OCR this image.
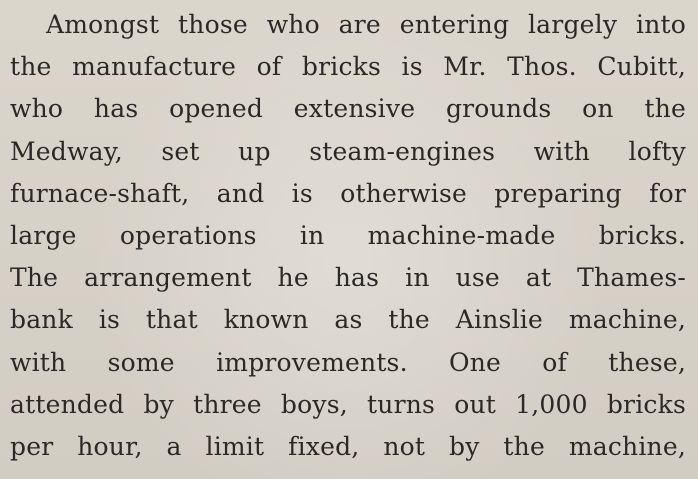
Amongst those who are entering largely into
the manufacture of bricks is Mr. Thos. Cubitt,
who has opened extensive grounds on the
Medway, set up steam-engines with lofty
furnace-shaft, and is otherwise preparing for
large operations in machine-made bricks.
The arrangement he has in use at Thames-
bank is that known as the Ainslie machine,
with some improvements. One of these,
attended by three boys, turns out 1,000 bricks
per hour, a limit fixed, not by the machine,
